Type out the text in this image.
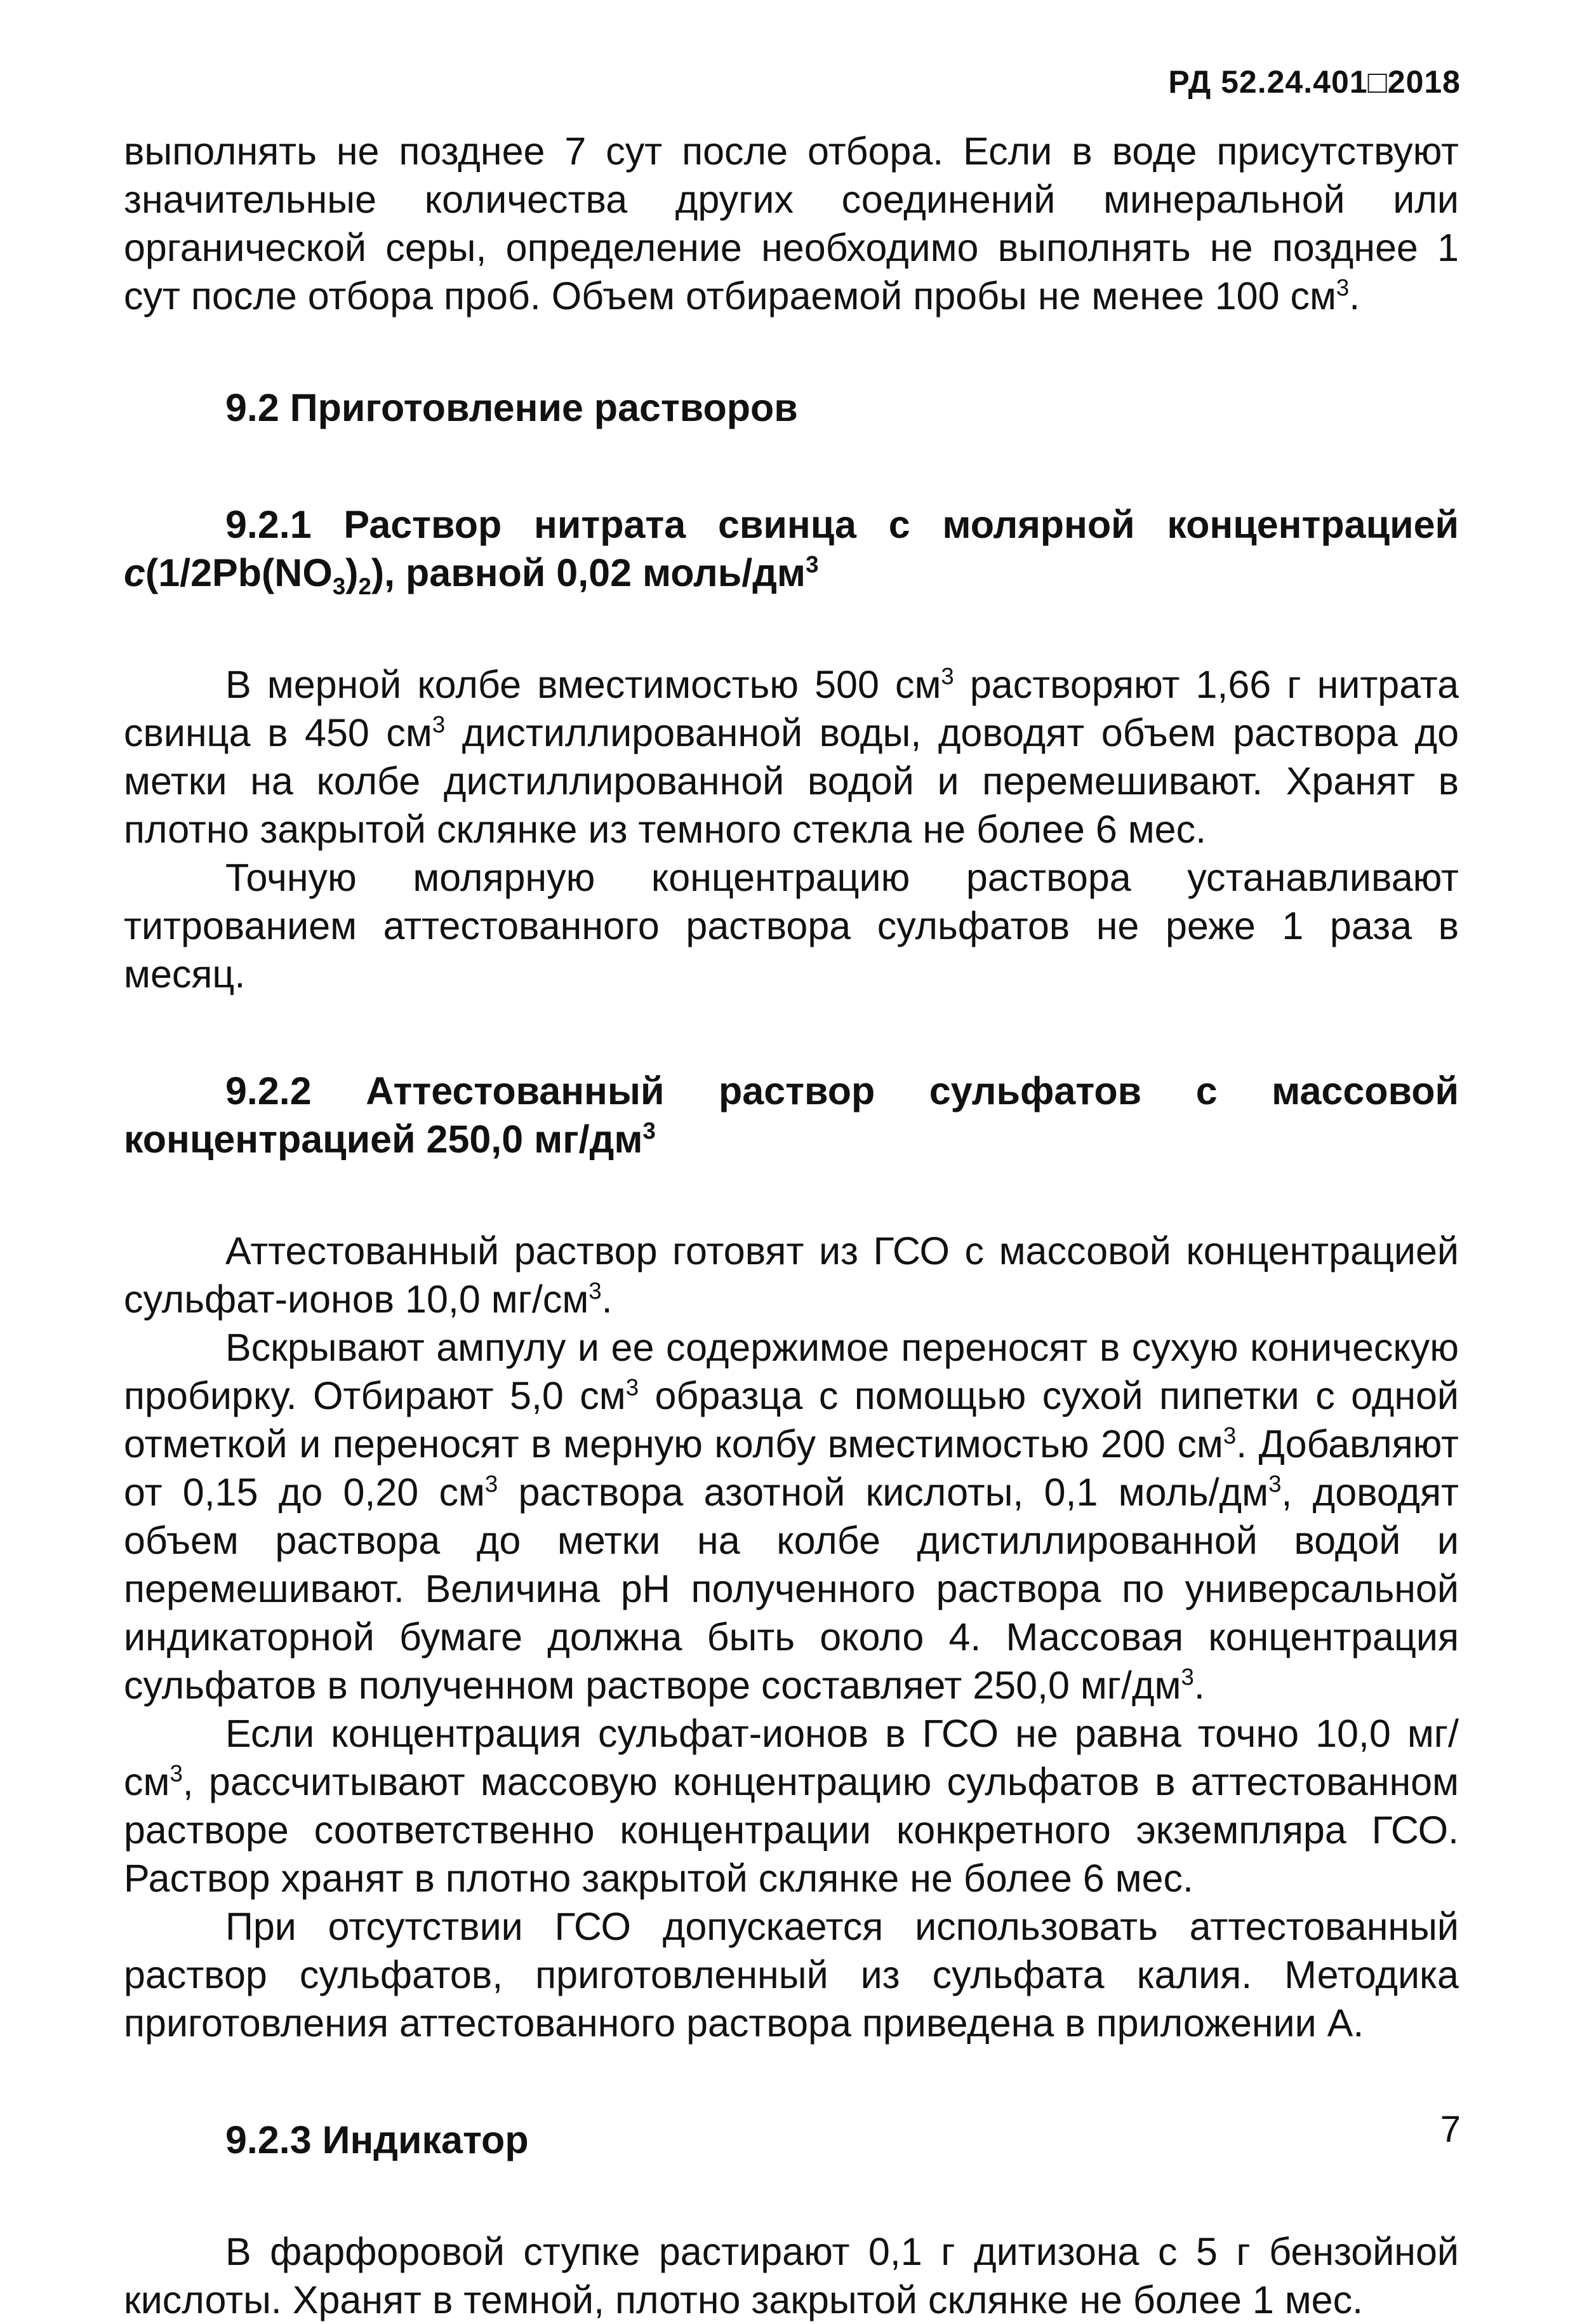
РД 52.24.401□2018

выполнять не позднее 7 сут после отбора. Если в воде присутствуют значительные количества других соединений минеральной или органической серы, определение необходимо выполнять не позднее 1 сут после отбора проб. Объем отбираемой пробы не менее 100 $см^3$.

9.2 Приготовление растворов
9.2.1 Раствор нитрата свинца с молярной концентрацией $с(1/2Pb(NO_3)_2)$, равной 0,02 моль/$дм^3$

В мерной колбе вместимостью 500 $см^3$ растворяют 1,66 г нитрата свинца в 450 $см^3$ дистиллированной воды, доводят объем раствора до метки на колбе дистиллированной водой и перемешивают. Хранят в плотно закрытой склянке из темного стекла не более 6 мес.

Точную молярную концентрацию раствора устанавливают титрованием аттестованного раствора сульфатов не реже 1 раза в месяц.

9.2.2 Аттестованный раствор сульфатов с массовой концентрацией 250,0 $мг/дм^3$

Аттестованный раствор готовят из ГСО с массовой концентрацией сульфат-ионов 10,0 $мг/см^3$.

Вскрывают ампулу и ее содержимое переносят в сухую коническую пробирку. Отбирают 5,0 $см^3$ образца с помощью сухой пипетки с одной отметкой и переносят в мерную колбу вместимостью 200 $см^3$. Добавляют от 0,15 до 0,20 $см^3$ раствора азотной кислоты, 0,1 моль/$дм^3$, доводят объем раствора до метки на колбе дистиллированной водой и перемешивают. Величина рН полученного раствора по универсальной индикаторной бумаге должна быть около 4. Массовая концентрация сульфатов в полученном растворе составляет 250,0 $мг/дм^3$.

Если концентрация сульфат-ионов в ГСО не равна точно 10,0 $мг/см^3$, рассчитывают массовую концентрацию сульфатов в аттестованном растворе соответственно концентрации конкретного экземпляра ГСО. Раствор хранят в плотно закрытой склянке не более 6 мес.

При отсутствии ГСО допускается использовать аттестованный раствор сульфатов, приготовленный из сульфата калия. Методика приготовления аттестованного раствора приведена в приложении А.

9.2.3 Индикатор

В фарфоровой ступке растирают 0,1 г дитизона с 5 г бензойной кислоты. Хранят в темной, плотно закрытой склянке не более 1 мес.

7
